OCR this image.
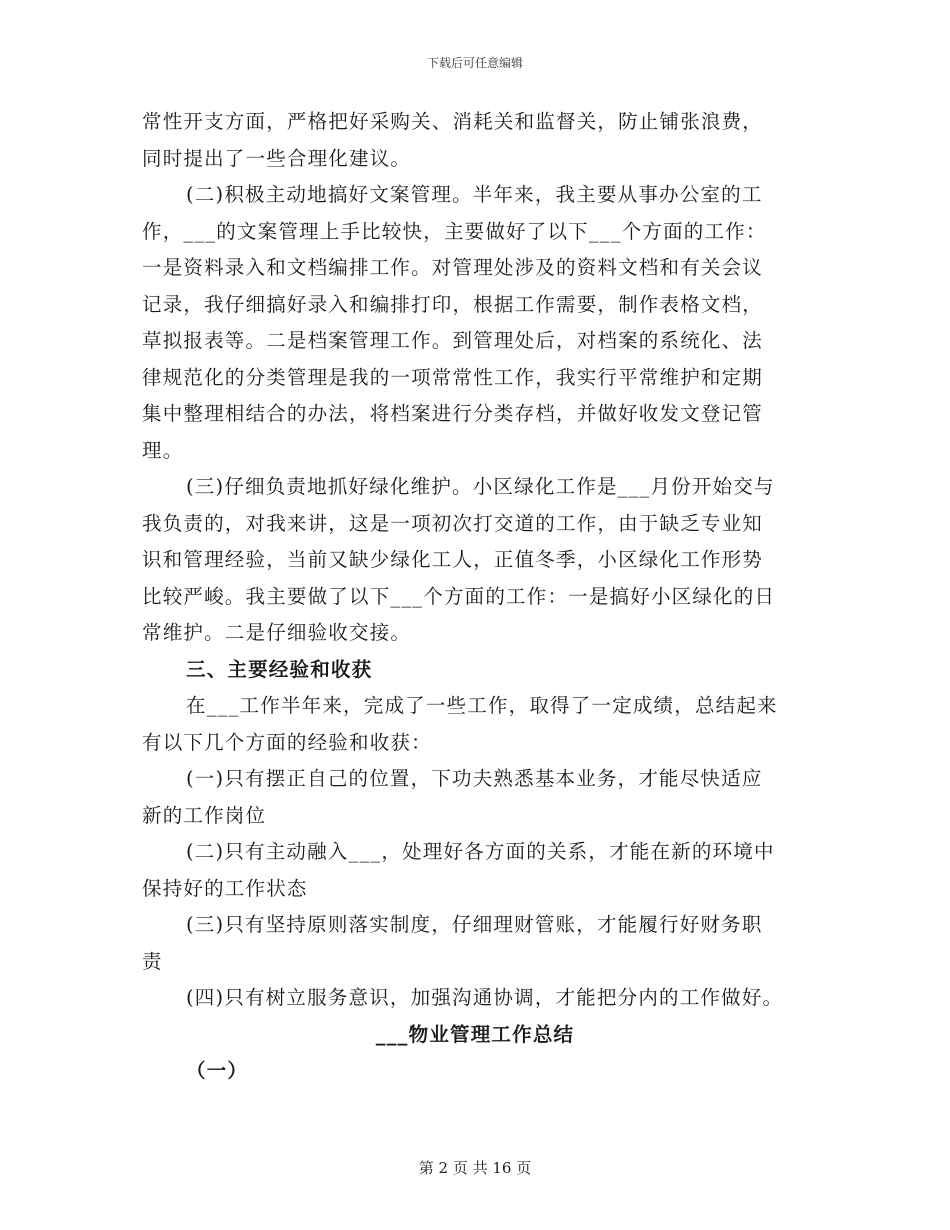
下载后可任意编辑
常性开支方面，严格把好采购关、消耗关和监督关，防止铺张浪费，
同时提出了一些合理化建议。
(二)积极主动地搞好文案管理。半年来，我主要从事办公室的工
作，___的文案管理上手比较快，主要做好了以下___个方面的工作：
一是资料录入和文档编排工作。对管理处涉及的资料文档和有关会议
记录，我仔细搞好录入和编排打印，根据工作需要，制作表格文档，
草拟报表等。二是档案管理工作。到管理处后，对档案的系统化、法
律规范化的分类管理是我的一项常常性工作，我实行平常维护和定期
集中整理相结合的办法，将档案进行分类存档，并做好收发文登记管
理。
(三)仔细负责地抓好绿化维护。小区绿化工作是___月份开始交与
我负责的，对我来讲，这是一项初次打交道的工作，由于缺乏专业知
识和管理经验，当前又缺少绿化工人，正值冬季，小区绿化工作形势
比较严峻。我主要做了以下___个方面的工作：一是搞好小区绿化的日
常维护。二是仔细验收交接。
三、主要经验和收获
在___工作半年来，完成了一些工作，取得了一定成绩，总结起来
有以下几个方面的经验和收获：
(一)只有摆正自己的位置，下功夫熟悉基本业务，才能尽快适应
新的工作岗位
(二)只有主动融入___，处理好各方面的关系，才能在新的环境中
保持好的工作状态
(三)只有坚持原则落实制度，仔细理财管账，才能履行好财务职
责
(四)只有树立服务意识，加强沟通协调，才能把分内的工作做好。
___物业管理工作总结
（一）
第 2 页 共 16 页
